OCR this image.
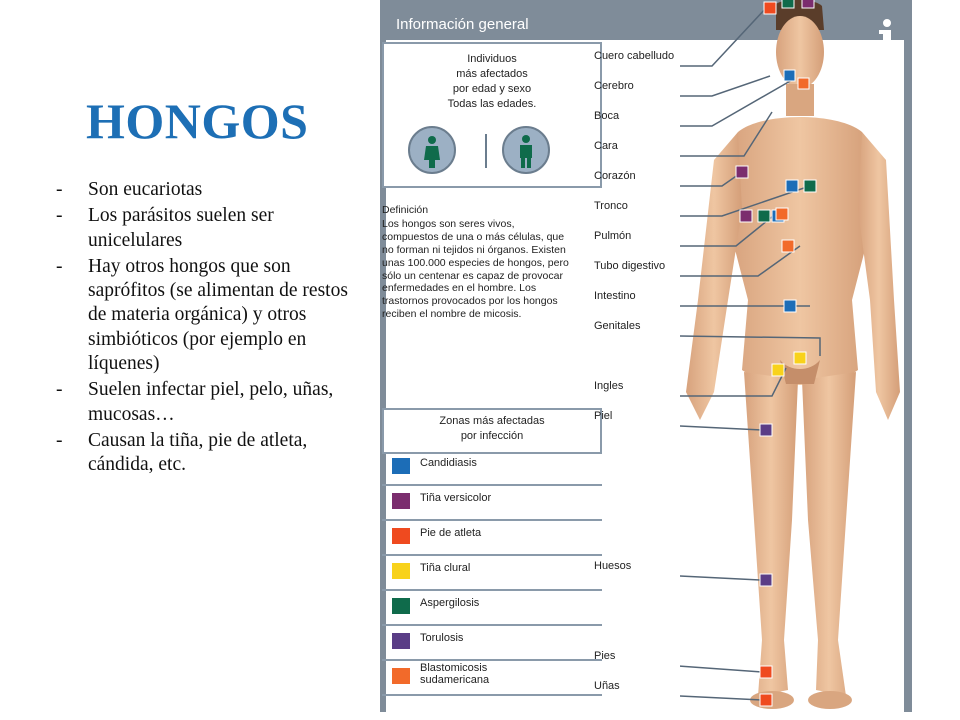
HONGOS
- Son eucariotas
- Los parásitos suelen ser unicelulares
- Hay otros hongos que son saprófitos (se alimentan de restos de materia orgánica) y otros simbióticos (por ejemplo en líquenes)
- Suelen infectar piel, pelo, uñas, mucosas…
- Causan la tiña, pie de atleta, cándida, etc.
Información general
Individuos
más afectados
por edad y sexo
Todas las edades.
Definición
Los hongos son seres vivos, compuestos de una o más células, que no forman ni tejidos ni órganos. Existen unas 100.000 especies de hongos, pero sólo un centenar es capaz de provocar enfermedades en el hombre. Los trastornos provocados por los hongos reciben el nombre de micosis.
Zonas más afectadas
por infección
Candidiasis
Tiña versicolor
Pie de atleta
Tiña clural
Aspergilosis
Torulosis
Blastomicosis sudamericana
Cuero cabelludo
Cerebro
Boca
Cara
Corazón
Tronco
Pulmón
Tubo digestivo
Intestino
Genitales
Ingles
Piel
Huesos
Pies
Uñas
